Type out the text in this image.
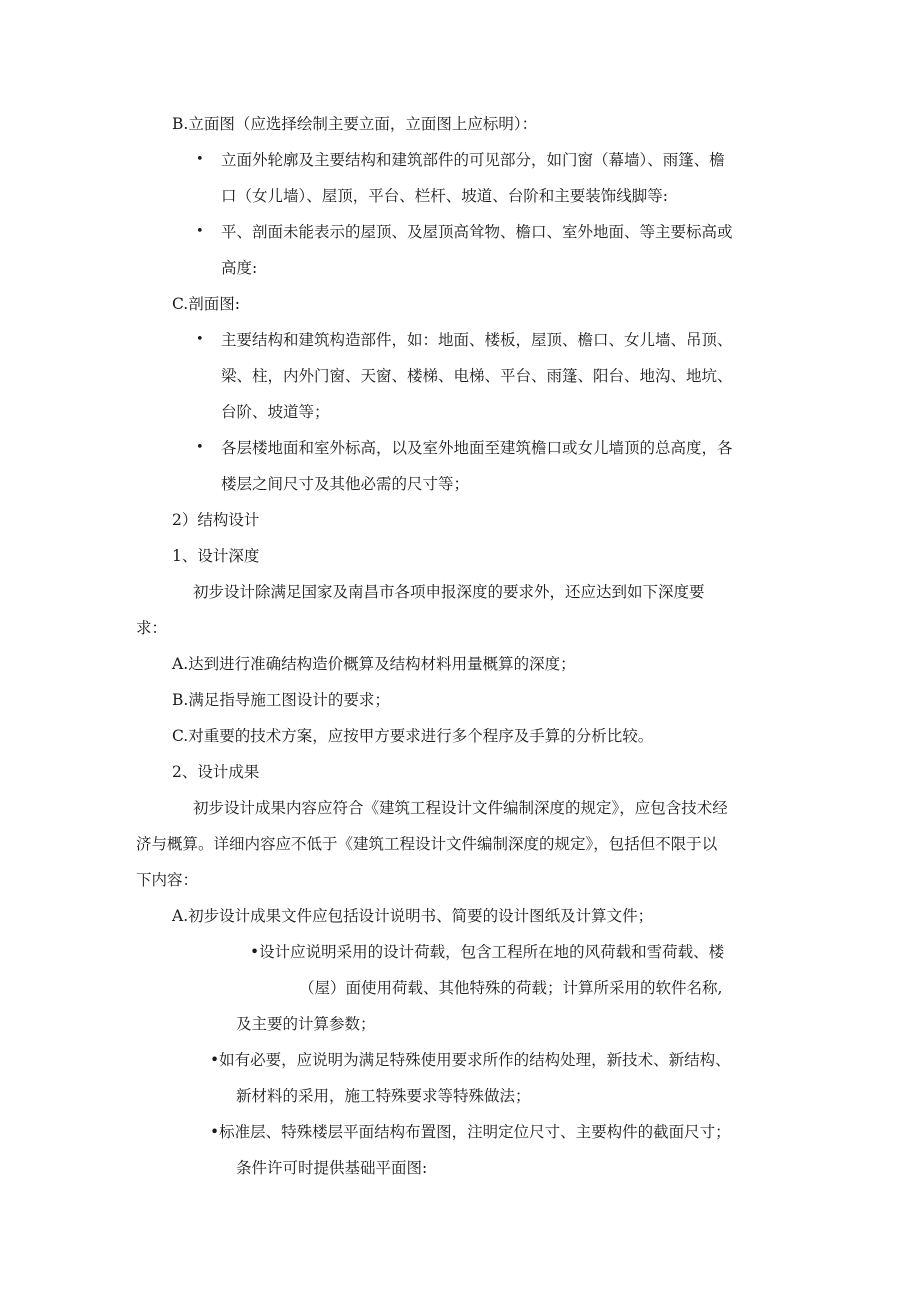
B.立面图（应选择绘制主要立面，立面图上应标明）：

• 立面外轮廓及主要结构和建筑部件的可见部分，如门窗（幕墙）、雨篷、檐

口（女儿墙）、屋顶，平台、栏杆、坡道、台阶和主要装饰线脚等:

• 平、剖面未能表示的屋顶、及屋顶高耸物、檐口、室外地面、等主要标高或

高度:

C.剖面图:

• 主要结构和建筑构造部件，如：地面、楼板，屋顶、檐口、女儿墙、吊顶、

梁、柱，内外门窗、天窗、楼梯、电梯、平台、雨篷、阳台、地沟、地坑、

台阶、坡道等；

• 各层楼地面和室外标高，以及室外地面至建筑檐口或女儿墙顶的总高度，各

楼层之间尺寸及其他必需的尺寸等；

2）结构设计

1、设计深度

初步设计除满足国家及南昌市各项申报深度的要求外，还应达到如下深度要

求：

A.达到进行准确结构造价概算及结构材料用量概算的深度；

B.满足指导施工图设计的要求；

C.对重要的技术方案，应按甲方要求进行多个程序及手算的分析比较。

2、设计成果

初步设计成果内容应符合《建筑工程设计文件编制深度的规定》，应包含技术经

济与概算。详细内容应不低于《建筑工程设计文件编制深度的规定》，包括但不限于以

下内容：

A.初步设计成果文件应包括设计说明书、简要的设计图纸及计算文件；

•设计应说明采用的设计荷载，包含工程所在地的风荷载和雪荷载、楼

（屋）面使用荷载、其他特殊的荷载；计算所采用的软件名称,

及主要的计算参数；

•如有必要，应说明为满足特殊使用要求所作的结构处理，新技术、新结构、

新材料的采用，施工特殊要求等特殊做法；

•标准层、特殊楼层平面结构布置图，注明定位尺寸、主要构件的截面尺寸；

条件许可时提供基础平面图:
